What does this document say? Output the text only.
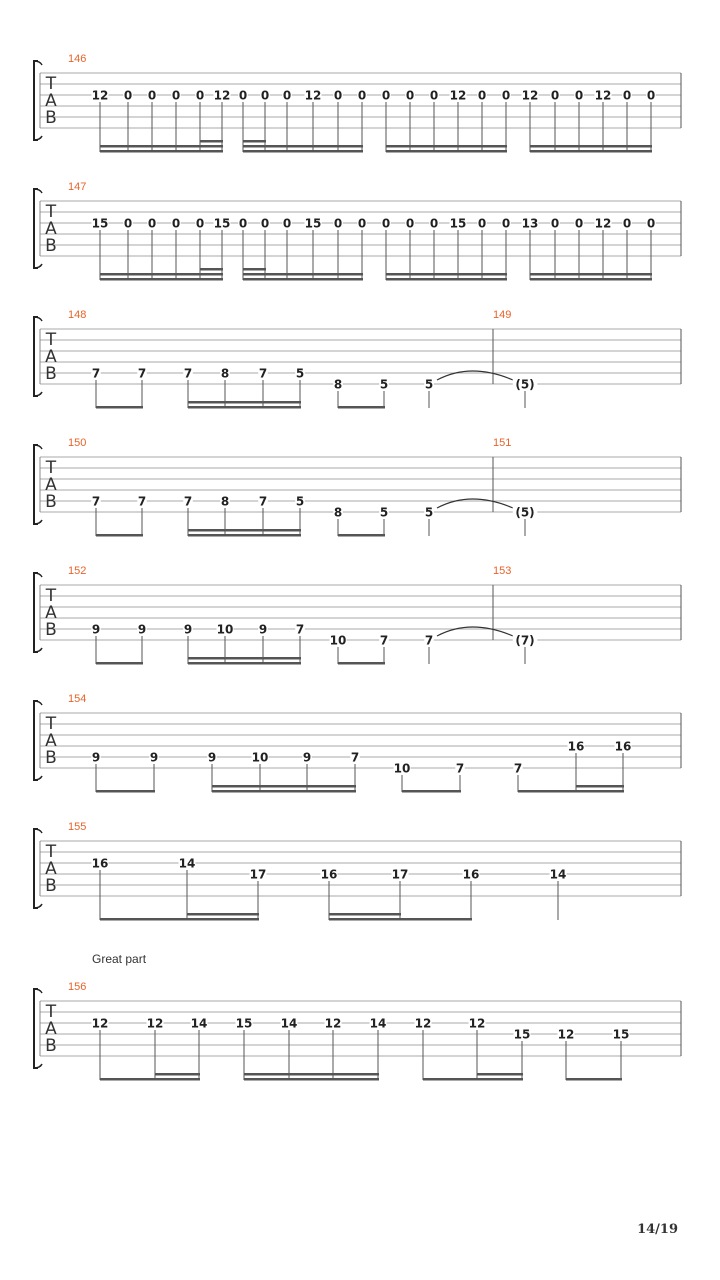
T
A
B
146
12 0 0 0 0 12 0 0 0 12 0 0 0 0 0 12 0 0 12 0 0 12 0 0
T
A
B
147
15 0 0 0 0 15 0 0 0 15 0 0 0 0 0 15 0 0 13 0 0 12 0 0
T
A
B
148	149
7	7	7 8 7 5
8	5	5	(5)
T
A
B
150	151
7	7	7 8 7 5
8	5	5	(5)
T
A
B
152	153
9	9	9 10 9 7
10	7	7	(7)
T
A
B
154
9	9	9	10	9	7
10	7	7
16	16
T
A
B
155
16	14
17	16	17	16	14
T
A
B
156
12	12 14 15 14 12 14 12	12
15 12	15
Great part
14/19
